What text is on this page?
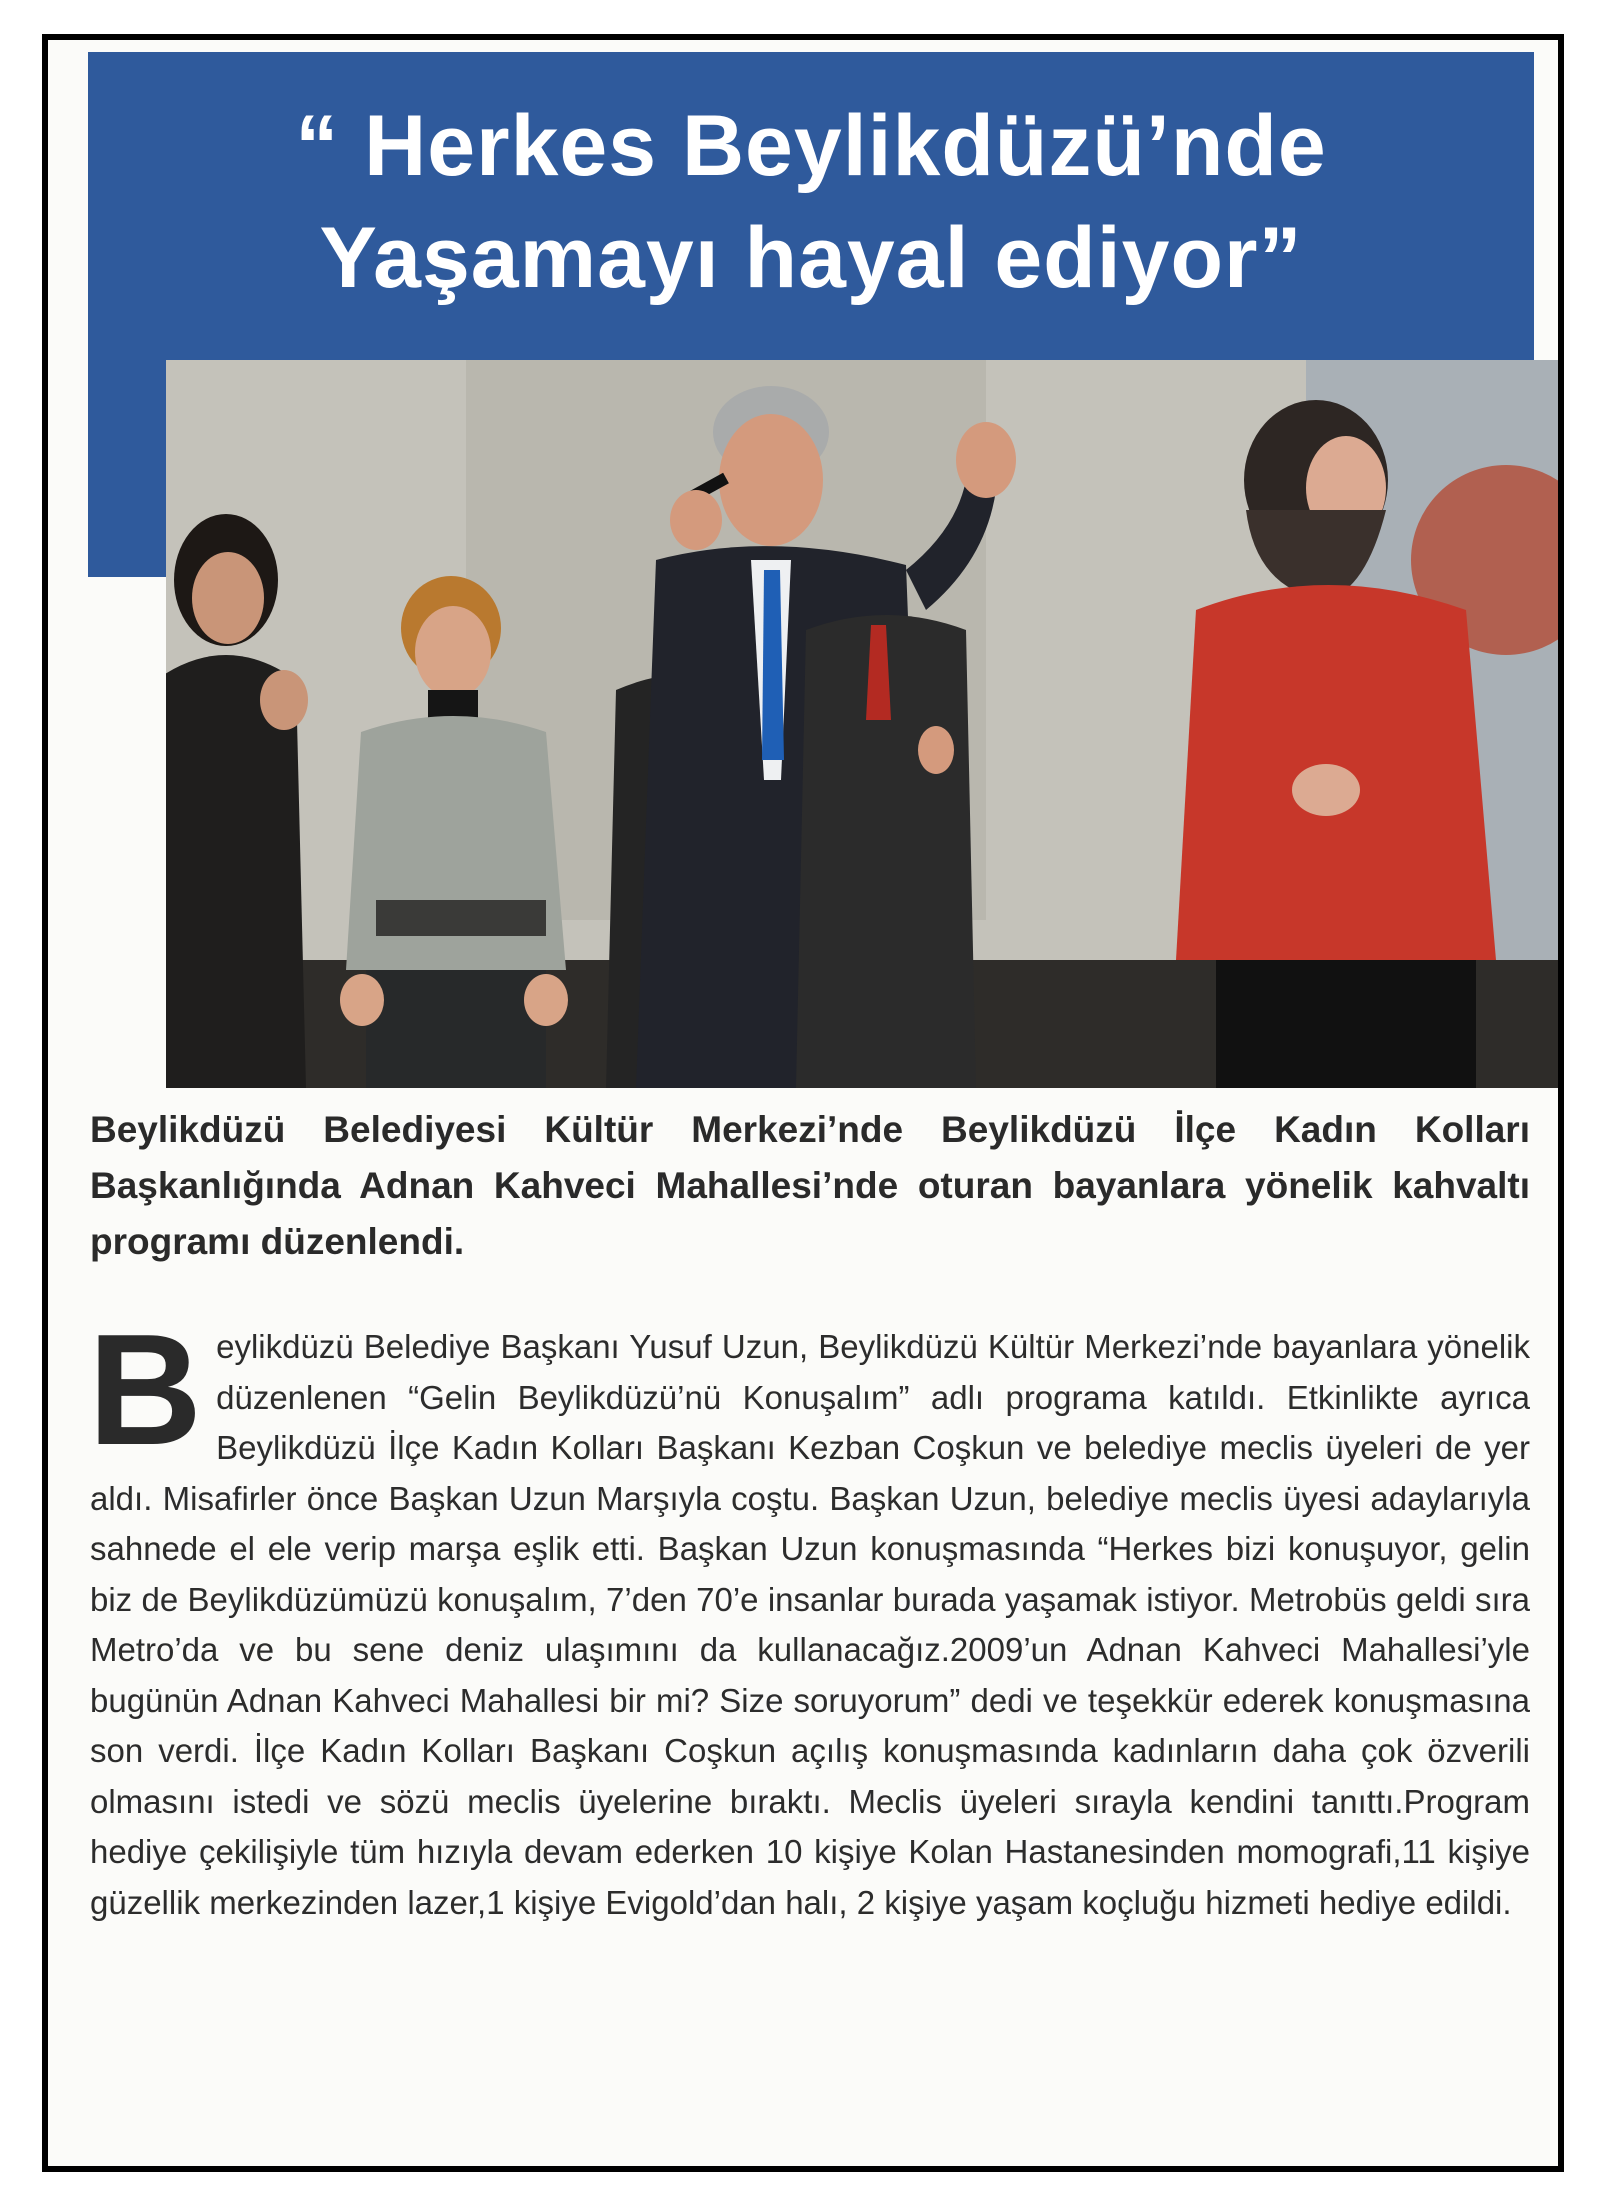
“ Herkes Beylikdüzü’nde
Yaşamayı hayal ediyor”

Beylikdüzü Belediyesi Kültür Merkezi’nde Beylikdüzü İlçe Kadın Kolları Başkanlığında Adnan Kahveci Mahallesi’nde oturan bayanlara yönelik kahvaltı programı düzenlendi.

Beylikdüzü Belediye Başkanı Yusuf Uzun, Beylikdüzü Kültür Merkezi’nde bayanlara yönelik düzenlenen “Gelin Beylikdüzü’nü Konuşalım” adlı programa katıldı. Etkinlikte ayrıca Beylikdüzü İlçe Kadın Kolları Başkanı Kezban Coşkun ve belediye meclis üyeleri de yer aldı. Misafirler önce Başkan Uzun Marşıyla coştu. Başkan Uzun, belediye meclis üyesi adaylarıyla sahnede el ele verip marşa eşlik etti. Başkan Uzun konuşmasında “Herkes bizi konuşuyor, gelin biz de Beylikdüzümüzü konuşalım, 7’den 70’e insanlar burada yaşamak istiyor. Metrobüs geldi sıra Metro’da ve bu sene deniz ulaşımını da kullanacağız.2009’un Adnan Kahveci Mahallesi’yle bugünün Adnan Kahveci Mahallesi bir mi? Size soruyorum” dedi ve teşekkür ederek konuşmasına son verdi. İlçe Kadın Kolları Başkanı Coşkun açılış konuşmasında kadınların daha çok özverili olmasını istedi ve sözü meclis üyelerine bıraktı. Meclis üyeleri sırayla kendini tanıttı.Program hediye çekilişiyle tüm hızıyla devam ederken 10 kişiye Kolan Hastanesinden momografi,11 kişiye güzellik merkezinden lazer,1 kişiye Evigold’dan halı, 2 kişiye yaşam koçluğu hizmeti hediye edildi.
